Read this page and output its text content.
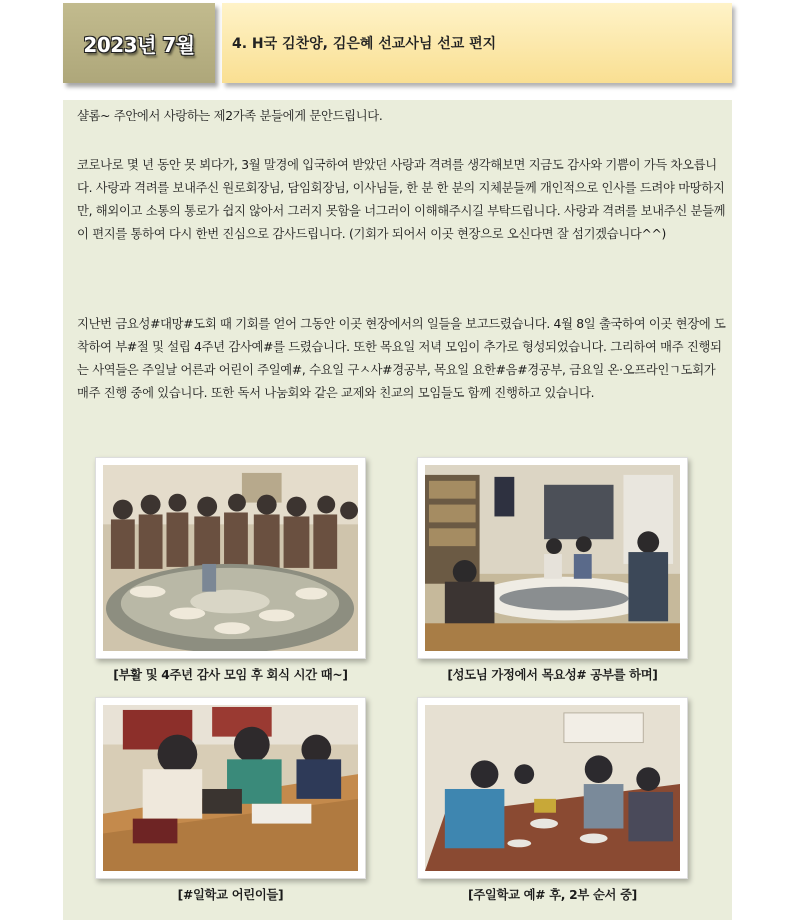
2023년 7월	4. H국 김찬양, 김은혜 선교사님 선교 편지

샬롬~ 주안에서 사랑하는 제2가족 분들에게 문안드립니다.

코로나로 몇 년 동안 못 뵈다가, 3월 말경에 입국하여 받았던 사랑과 격려를 생각해보면 지금도 감사와 기쁨이 가득 차오릅니다. 사랑과 격려를 보내주신 원로회장님, 담임회장님, 이사님들, 한 분 한 분의 지체분들께 개인적으로 인사를 드려야 마땅하지만, 해외이고 소통의 통로가 쉽지 않아서 그러지 못함을 너그러이 이해해주시길 부탁드립니다. 사랑과 격려를 보내주신 분들께 이 편지를 통하여 다시 한번 진심으로 감사드립니다. (기회가 되어서 이곳 현장으로 오신다면 잘 섬기겠습니다^^)

지난번 금요성#대망#도회 때 기회를 얻어 그동안 이곳 현장에서의 일들을 보고드렸습니다. 4월 8일 출국하여 이곳 현장에 도착하여 부#절 및 설립 4주년 감사예#를 드렸습니다. 또한 목요일 저녁 모임이 추가로 형성되었습니다. 그리하여 매주 진행되는 사역들은 주일날 어른과 어린이 주일예#, 수요일 구ㅅ사#경공부, 목요일 요한#음#경공부, 금요일 온·오프라인ㄱ도회가 매주 진행 중에 있습니다. 또한 독서 나눔회와 같은 교제와 친교의 모임들도 함께 진행하고 있습니다.

[부활 및 4주년 감사 모임 후 회식 시간 때~]	[성도님 가정에서 목요성# 공부를 하며]
[#일학교 어린이들]	[주일학교 예# 후, 2부 순서 중]
